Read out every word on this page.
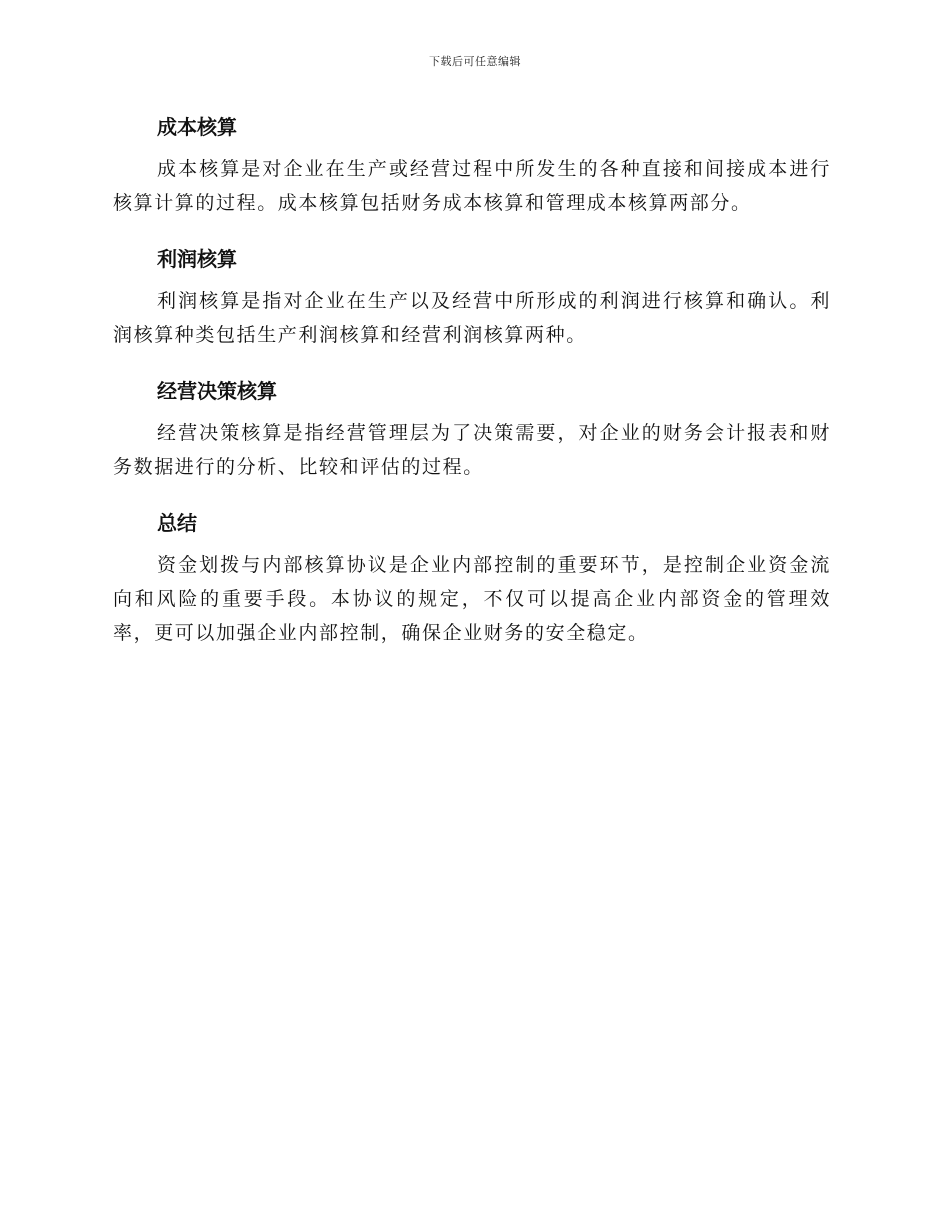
下载后可任意编辑
成本核算

成本核算是对企业在生产或经营过程中所发生的各种直接和间接成本进行核算计算的过程。成本核算包括财务成本核算和管理成本核算两部分。

利润核算

利润核算是指对企业在生产以及经营中所形成的利润进行核算和确认。利润核算种类包括生产利润核算和经营利润核算两种。

经营决策核算

经营决策核算是指经营管理层为了决策需要，对企业的财务会计报表和财务数据进行的分析、比较和评估的过程。

总结

资金划拨与内部核算协议是企业内部控制的重要环节，是控制企业资金流向和风险的重要手段。本协议的规定，不仅可以提高企业内部资金的管理效率，更可以加强企业内部控制，确保企业财务的安全稳定。
